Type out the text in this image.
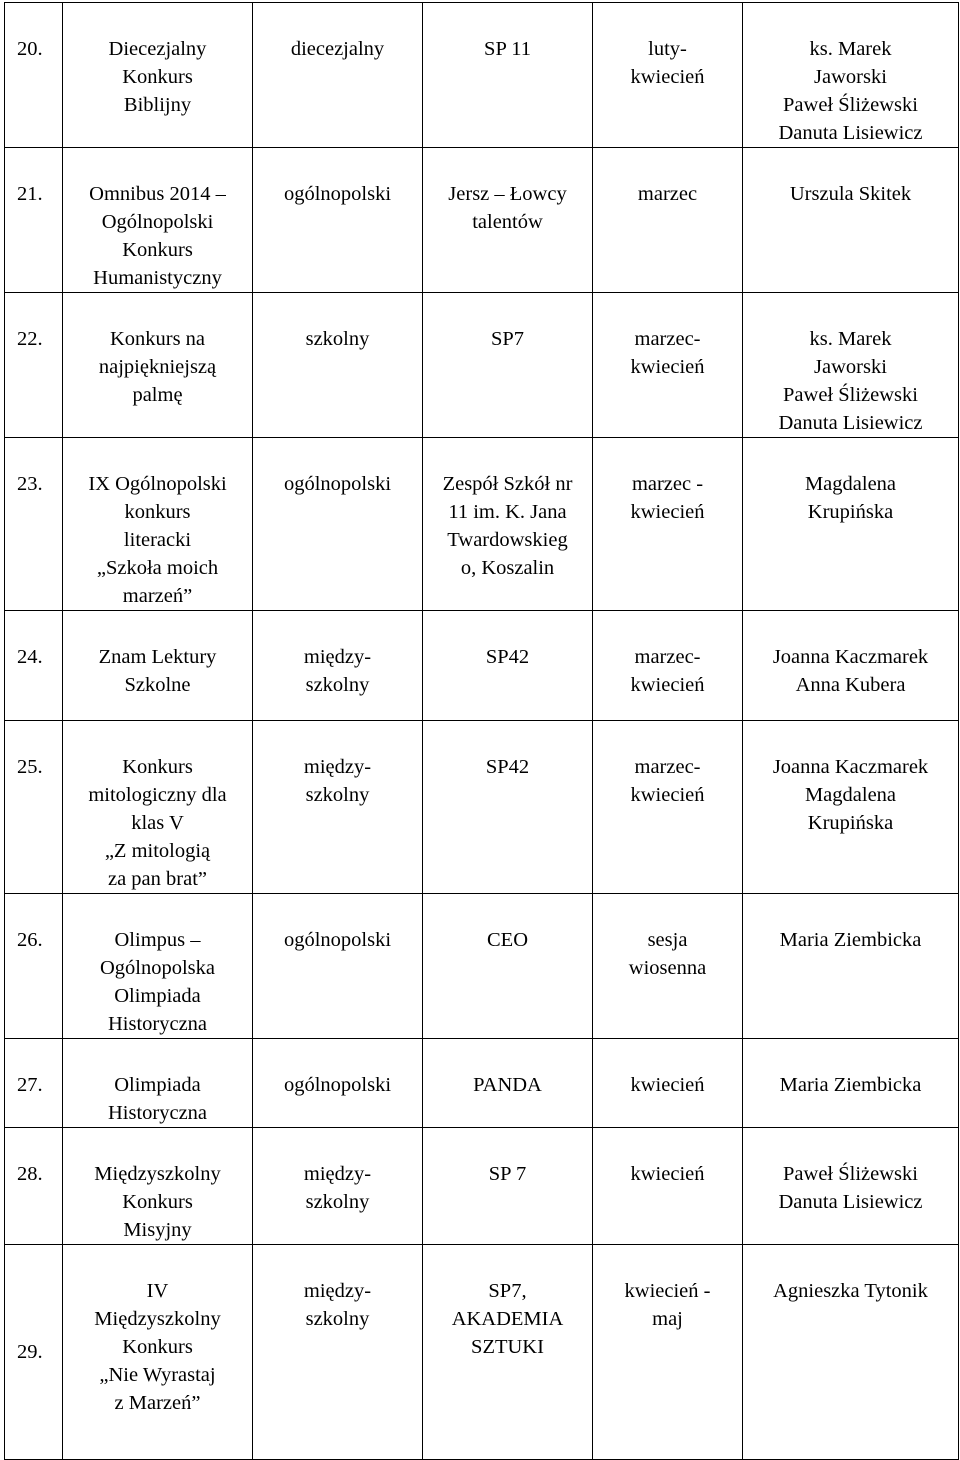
20.	Diecezjalny
Konkurs
Biblijny	diecezjalny	SP 11	luty-
kwiecień	ks. Marek
Jaworski
Paweł Śliżewski
Danuta Lisiewicz

21.	Omnibus 2014 –
Ogólnopolski
Konkurs
Humanistyczny	ogólnopolski	Jersz – Łowcy
talentów	marzec	Urszula Skitek

22.	Konkurs na
najpiękniejszą
palmę	szkolny	SP7	marzec-
kwiecień	ks. Marek
Jaworski
Paweł Śliżewski
Danuta Lisiewicz

23.	IX Ogólnopolski
konkurs
literacki
„Szkoła moich
marzeń”	ogólnopolski	Zespół Szkół nr
11 im. K. Jana
Twardowskieg
o, Koszalin	marzec -
kwiecień	Magdalena
Krupińska

24.	Znam Lektury
Szkolne	między-
szkolny	SP42	marzec-
kwiecień	Joanna Kaczmarek
Anna Kubera

25.	Konkurs
mitologiczny dla
klas V
„Z mitologią
za pan brat”	między-
szkolny	SP42	marzec-
kwiecień	Joanna Kaczmarek
Magdalena
Krupińska

26.	Olimpus –
Ogólnopolska
Olimpiada
Historyczna	ogólnopolski	CEO	sesja
wiosenna	Maria Ziembicka

27.	Olimpiada
Historyczna	ogólnopolski	PANDA	kwiecień	Maria Ziembicka

28.	Międzyszkolny
Konkurs
Misyjny	między-
szkolny	SP 7	kwiecień	Paweł Śliżewski
Danuta Lisiewicz

29.	IV
Międzyszkolny
Konkurs
„Nie Wyrastaj
z Marzeń”	między-
szkolny	SP7,
AKADEMIA
SZTUKI	kwiecień -
maj	Agnieszka Tytonik
